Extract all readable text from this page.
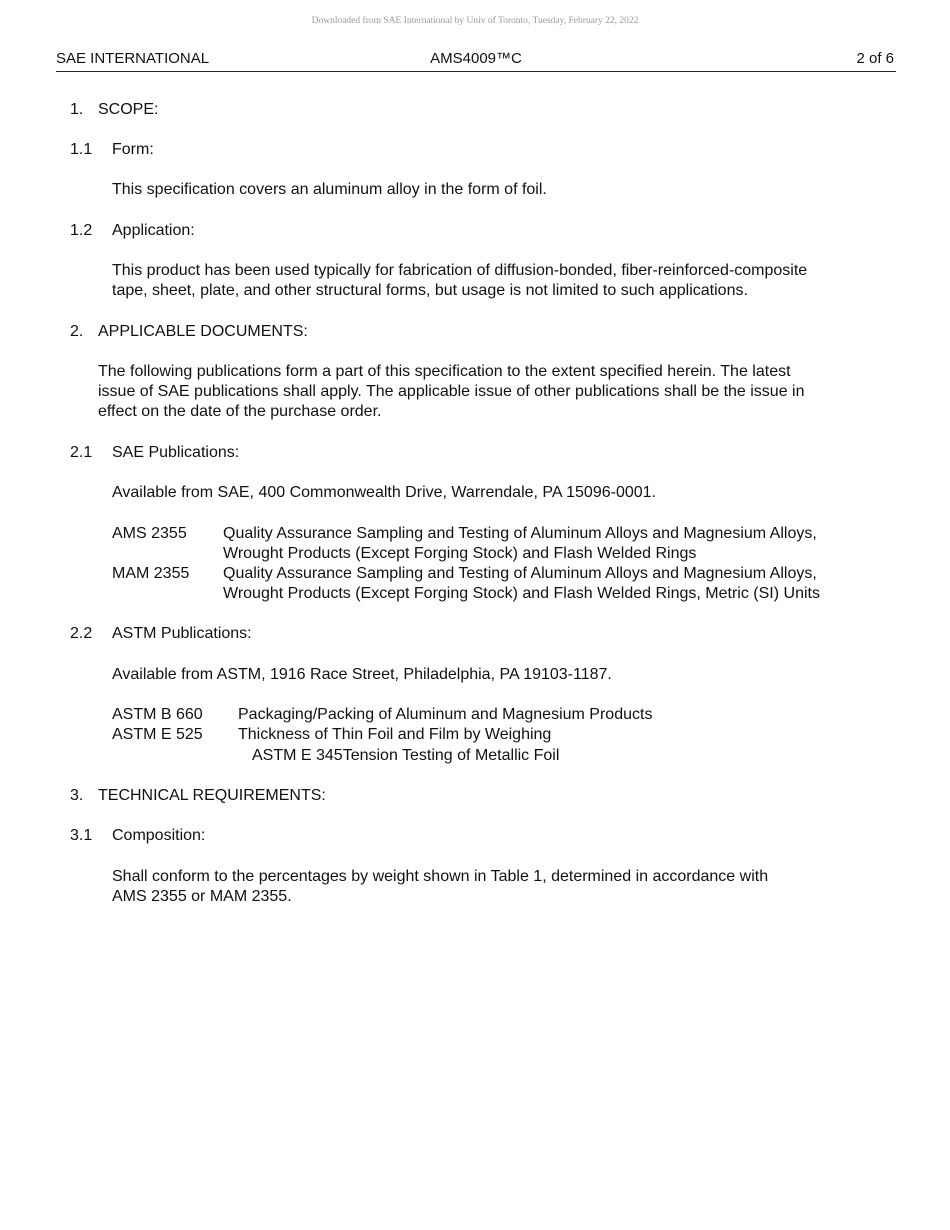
Downloaded from SAE International by Univ of Toronto, Tuesday, February 22, 2022
SAE INTERNATIONAL	AMS4009™C	2 of 6
1. SCOPE:
1.1 Form:
This specification covers an aluminum alloy in the form of foil.
1.2 Application:
This product has been used typically for fabrication of diffusion-bonded, fiber-reinforced-composite
tape, sheet, plate, and other structural forms, but usage is not limited to such applications.
2. APPLICABLE DOCUMENTS:
The following publications form a part of this specification to the extent specified herein. The latest
issue of SAE publications shall apply. The applicable issue of other publications shall be the issue in
effect on the date of the purchase order.
2.1 SAE Publications:
Available from SAE, 400 Commonwealth Drive, Warrendale, PA 15096-0001.
AMS 2355 Quality Assurance Sampling and Testing of Aluminum Alloys and Magnesium Alloys,
Wrought Products (Except Forging Stock) and Flash Welded Rings
MAM 2355 Quality Assurance Sampling and Testing of Aluminum Alloys and Magnesium Alloys,
Wrought Products (Except Forging Stock) and Flash Welded Rings, Metric (SI) Units
2.2 ASTM Publications:
Available from ASTM, 1916 Race Street, Philadelphia, PA 19103-1187.
ASTM B 660 Packaging/Packing of Aluminum and Magnesium Products
ASTM E 525 Thickness of Thin Foil and Film by Weighing
ASTM E 345Tension Testing of Metallic Foil
3. TECHNICAL REQUIREMENTS:
3.1 Composition:
Shall conform to the percentages by weight shown in Table 1, determined in accordance with
AMS 2355 or MAM 2355.
